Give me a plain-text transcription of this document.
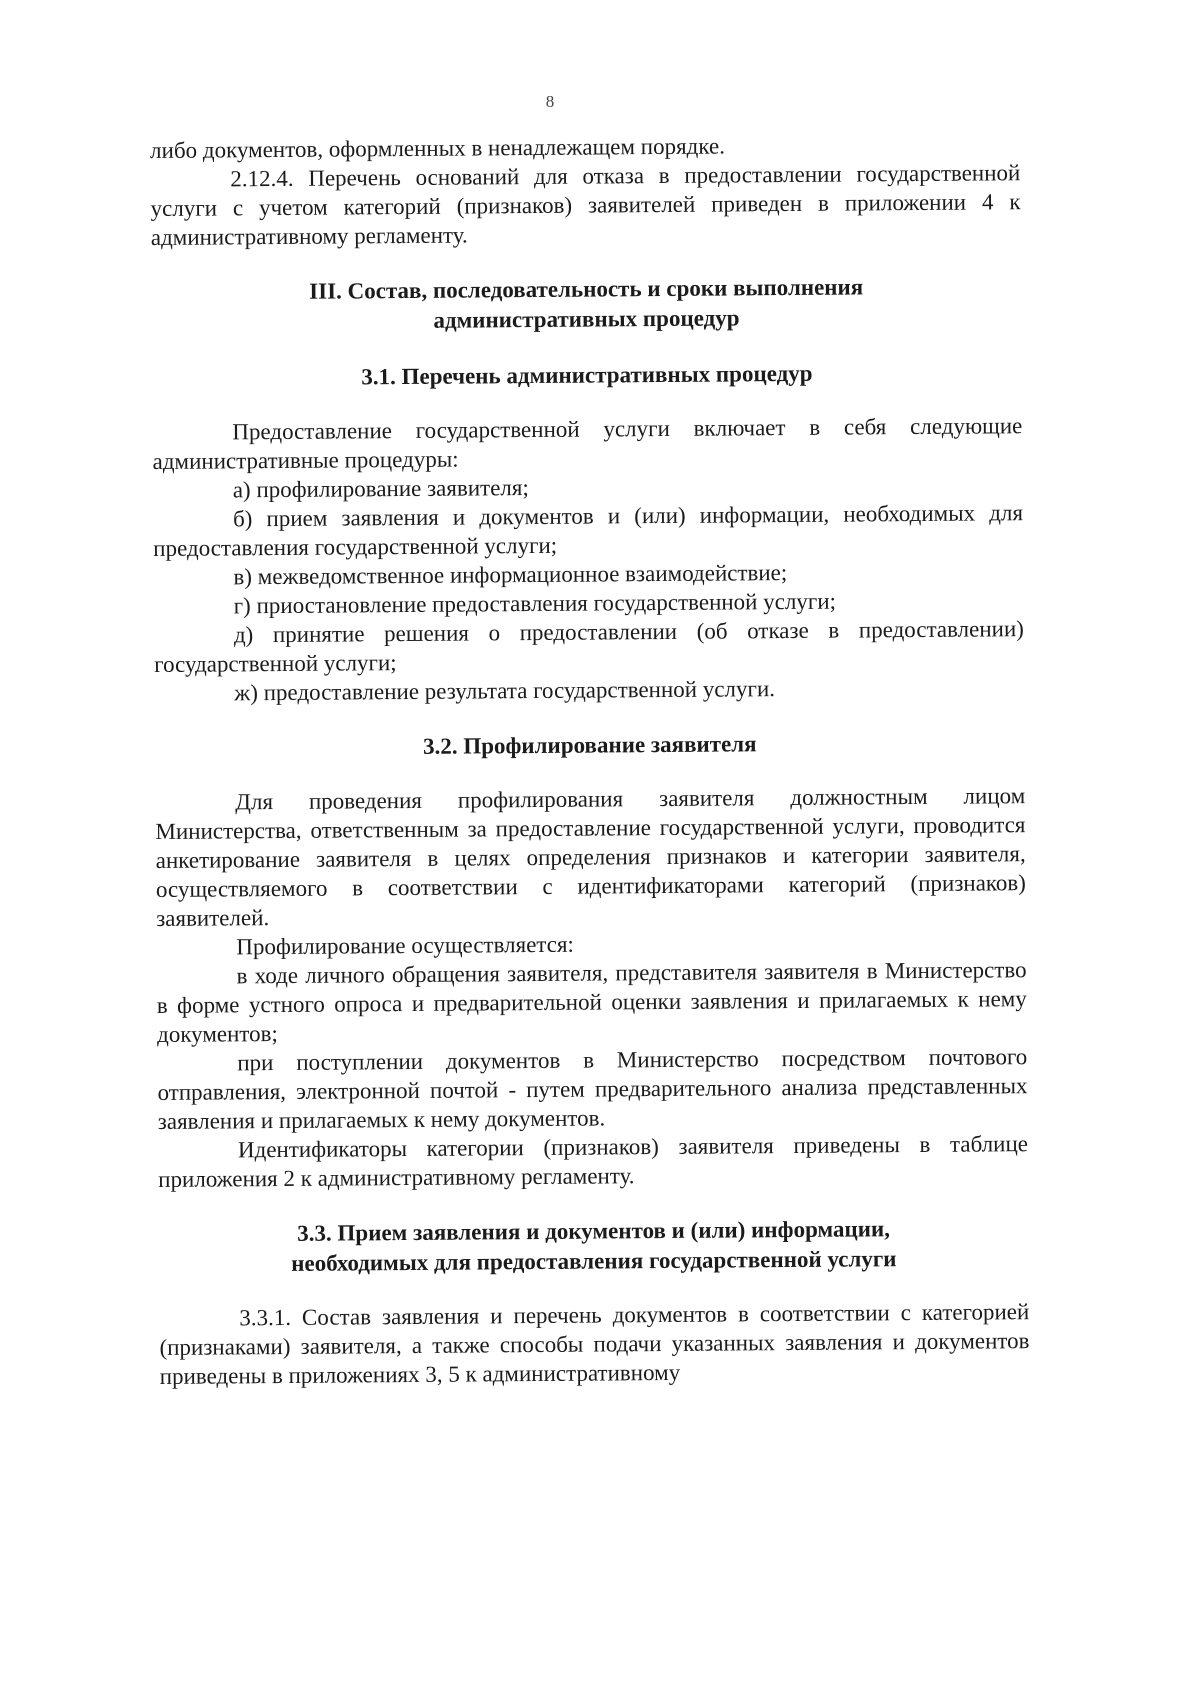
8

либо документов, оформленных в ненадлежащем порядке.

2.12.4. Перечень оснований для отказа в предоставлении государственной услуги с учетом категорий (признаков) заявителей приведен в приложении 4 к административному регламенту.

III. Состав, последовательность и сроки выполнения
административных процедур
3.1. Перечень административных процедур

Предоставление государственной услуги включает в себя следующие административные процедуры:

а) профилирование заявителя;

б) прием заявления и документов и (или) информации, необходимых для предоставления государственной услуги;

в) межведомственное информационное взаимодействие;

г) приостановление предоставления государственной услуги;

д) принятие решения о предоставлении (об отказе в предоставлении) государственной услуги;

ж) предоставление результата государственной услуги.

3.2. Профилирование заявителя

Для проведения профилирования заявителя должностным лицом Министерства, ответственным за предоставление государственной услуги, проводится анкетирование заявителя в целях определения признаков и категории заявителя, осуществляемого в соответствии с идентификаторами категорий (признаков) заявителей.

Профилирование осуществляется:

в ходе личного обращения заявителя, представителя заявителя в Министерство в форме устного опроса и предварительной оценки заявления и прилагаемых к нему документов;

при поступлении документов в Министерство посредством почтового отправления, электронной почтой - путем предварительного анализа представленных заявления и прилагаемых к нему документов.

Идентификаторы категории (признаков) заявителя приведены в таблице приложения 2 к административному регламенту.

3.3. Прием заявления и документов и (или) информации,
необходимых для предоставления государственной услуги

3.3.1. Состав заявления и перечень документов в соответствии с категорией (признаками) заявителя, а также способы подачи указанных заявления и документов приведены в приложениях 3, 5 к административному
